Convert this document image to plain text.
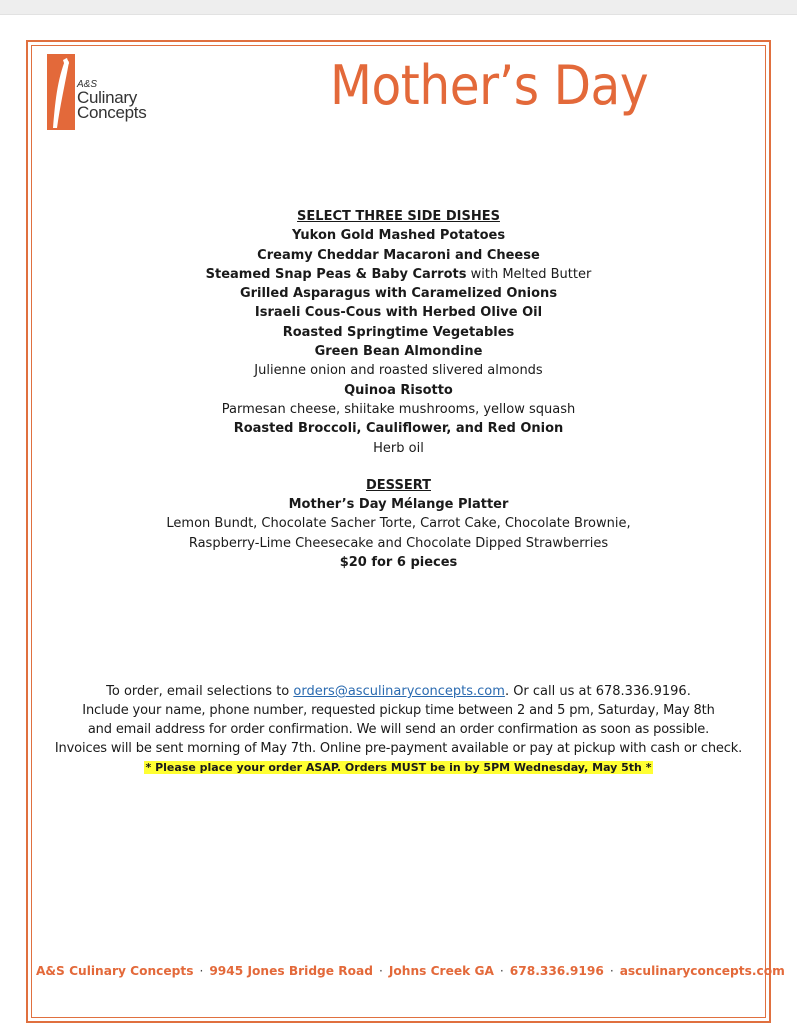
A&S
Culinary
Concepts	Mother’s Day
SELECT THREE SIDE DISHES
Yukon Gold Mashed Potatoes
Creamy Cheddar Macaroni and Cheese
Steamed Snap Peas & Baby Carrots with Melted Butter
Grilled Asparagus with Caramelized Onions
Israeli Cous-Cous with Herbed Olive Oil
Roasted Springtime Vegetables
Green Bean Almondine
Julienne onion and roasted slivered almonds
Quinoa Risotto
Parmesan cheese, shiitake mushrooms, yellow squash
Roasted Broccoli, Cauliflower, and Red Onion
Herb oil
DESSERT
Mother’s Day Mélange Platter
Lemon Bundt, Chocolate Sacher Torte, Carrot Cake, Chocolate Brownie,
Raspberry-Lime Cheesecake and Chocolate Dipped Strawberries
$20 for 6 pieces
To order, email selections to orders@asculinaryconcepts.com. Or call us at 678.336.9196.
Include your name, phone number, requested pickup time between 2 and 5 pm, Saturday, May 8th
and email address for order confirmation. We will send an order confirmation as soon as possible.
Invoices will be sent morning of May 7th. Online pre-payment available or pay at pickup with cash or check.
* Please place your order ASAP. Orders MUST be in by 5PM Wednesday, May 5th *
A&S Culinary Concepts · 9945 Jones Bridge Road · Johns Creek GA · 678.336.9196 · asculinaryconcepts.com
